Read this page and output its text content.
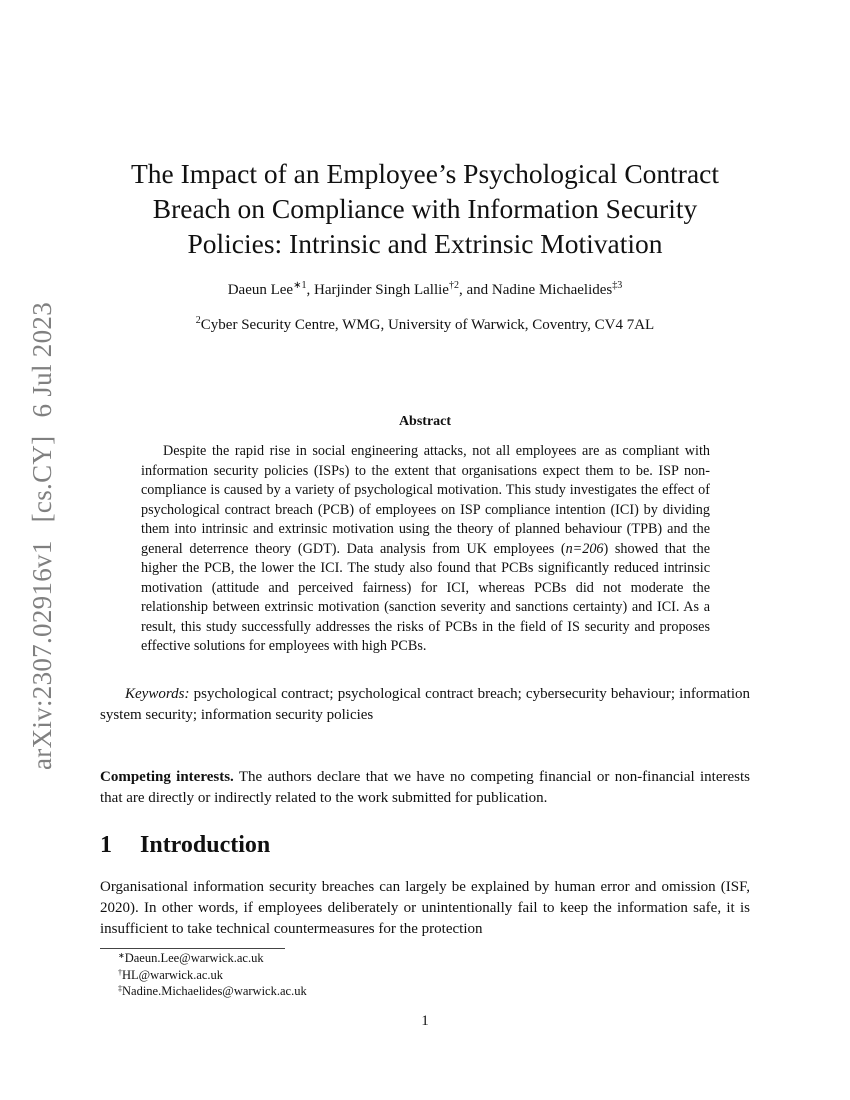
arXiv:2307.02916v1
[cs.CY]
6 Jul 2023
The Impact of an Employee’s Psychological Contract
Breach on Compliance with Information Security
Policies: Intrinsic and Extrinsic Motivation
Daeun Lee$^{∗1}$, Harjinder Singh Lallie$^{\dagger 2}$, and Nadine Michaelides$^{\ddagger 3}$
$^2$Cyber Security Centre, WMG, University of Warwick, Coventry, CV4 7AL
Abstract

Despite the rapid rise in social engineering attacks, not all employees are as compliant with information security policies (ISPs) to the extent that organisations expect them to be. ISP non-compliance is caused by a variety of psychological motivation. This study investigates the effect of psychological contract breach (PCB) of employees on ISP compliance intention (ICI) by dividing them into intrinsic and extrinsic motivation using the theory of planned behaviour (TPB) and the general deterrence theory (GDT). Data analysis from UK employees (n=206) showed that the higher the PCB, the lower the ICI. The study also found that PCBs significantly reduced intrinsic motivation (attitude and perceived fairness) for ICI, whereas PCBs did not moderate the relationship between extrinsic motivation (sanction severity and sanctions certainty) and ICI. As a result, this study successfully addresses the risks of PCBs in the field of IS security and proposes effective solutions for employees with high PCBs.

Keywords: psychological contract; psychological contract breach; cybersecurity behaviour; information system security; information security policies

Competing interests. The authors declare that we have no competing financial or non-financial interests that are directly or indirectly related to the work submitted for publication.

1 Introduction

Organisational information security breaches can largely be explained by human error and omission (ISF, 2020). In other words, if employees deliberately or unintentionally fail to keep the information safe, it is insufficient to take technical countermeasures for the protection

∗Daeun.Lee@warwick.ac.uk
†HL@warwick.ac.uk
‡Nadine.Michaelides@warwick.ac.uk
1
